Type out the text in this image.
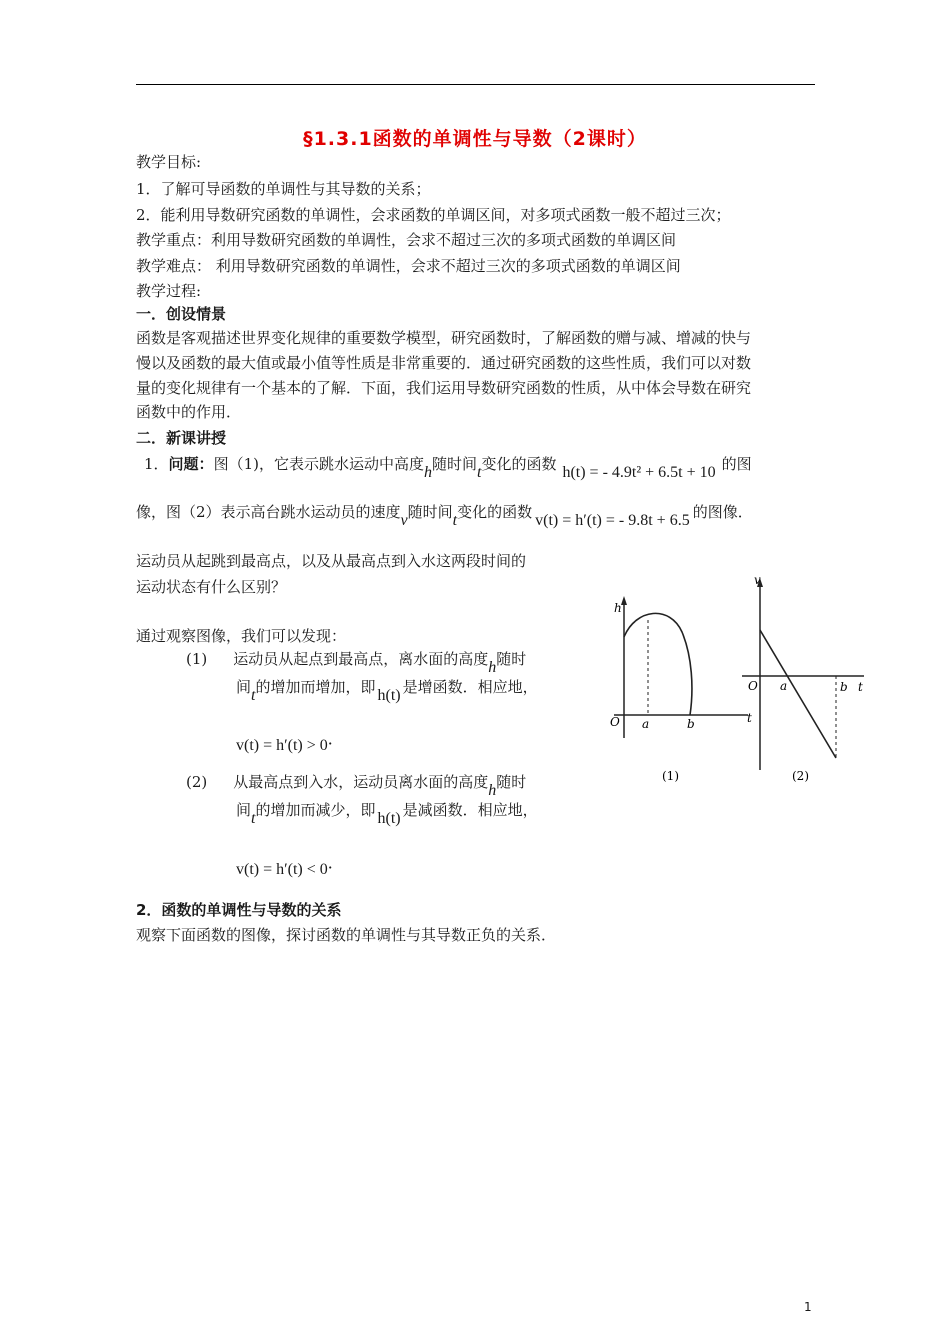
§1.3.1函数的单调性与导数（2课时）
教学目标:
1．了解可导函数的单调性与其导数的关系；
2．能利用导数研究函数的单调性，会求函数的单调区间，对多项式函数一般不超过三次；
教学重点：利用导数研究函数的单调性，会求不超过三次的多项式函数的单调区间
教学难点： 利用导数研究函数的单调性，会求不超过三次的多项式函数的单调区间
教学过程:
一．创设情景
函数是客观描述世界变化规律的重要数学模型，研究函数时，了解函数的赠与减、增减的快与
慢以及函数的最大值或最小值等性质是非常重要的．通过研究函数的这些性质，我们可以对数
量的变化规律有一个基本的了解．下面，我们运用导数研究函数的性质，从中体会导数在研究
函数中的作用．
二．新课讲授
1．问题：图（1)，它表示跳水运动中高度h随时间t变化的函数 h(t) = - 4.9t² + 6.5t + 10 的图
像，图（2）表示高台跳水运动员的速度v随时间t变化的函数 v(t) = h′(t) = - 9.8t + 6.5 的图像．
运动员从起跳到最高点，以及从最高点到入水这两段时间的
运动状态有什么区别？
通过观察图像，我们可以发现：
(1) 运动员从起点到最高点，离水面的高度h随时
间t的增加而增加，即 h(t) 是增函数．相应地，
v(t) = h′(t) > 0．
(2) 从最高点到入水，运动员离水面的高度h随时
间t的增加而减少，即 h(t) 是减函数．相应地，
v(t) = h′(t) < 0．
h
O a	b	t
(1)
v
O a	b t
(2)
2．函数的单调性与导数的关系
观察下面函数的图像，探讨函数的单调性与其导数正负的关系．
1
